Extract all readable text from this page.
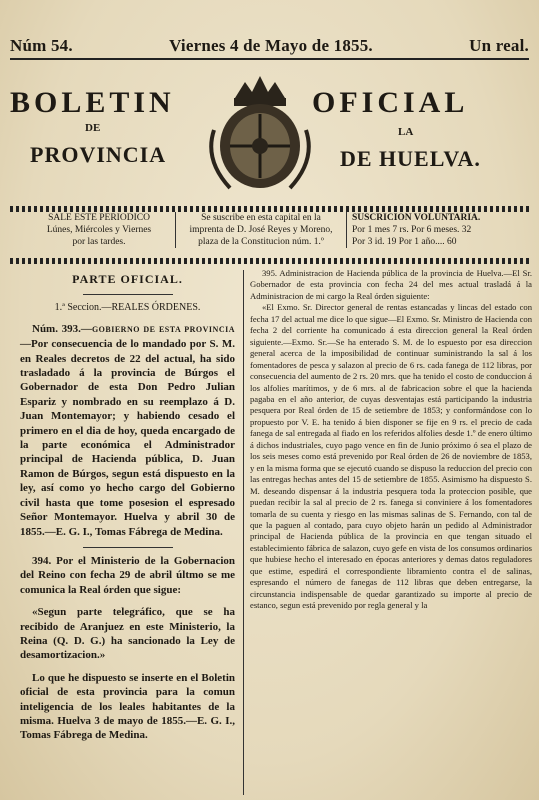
Núm 54.	Viernes 4 de Mayo de 1855.	Un real.
BOLETIN	OFICIAL
DE	LA
PROVINCIA	DE HUELVA.
SALE ESTE PERIODICO
Lúnes, Miércoles y Viernes
por las tardes.
Se suscribe en esta capital en la
imprenta de D. José Reyes y Moreno,
plaza de la Constitucion núm. 1.º
SUSCRICION VOLUNTARIA.
Por 1 mes 7 rs. Por 6 meses. 32
Por 3 id. 19 Por 1 año.... 60
PARTE OFICIAL.
1.ª Seccion.—REALES ÓRDENES.

Núm. 393.—GOBIERNO DE ESTA PROVINCIA—Por consecuencia de lo mandado por S. M. en Reales decretos de 22 del actual, ha sido trasladado á la provincia de Búrgos el Gobernador de esta Don Pedro Julian Espariz y nombrado en su reemplazo á D. Juan Montemayor; y habiendo cesado el primero en el dia de hoy, queda encargado de la parte económica el Administrador principal de Hacienda pública, D. Juan Ramon de Búrgos, segun está dispuesto en la ley, así como yo hecho cargo del Gobierno civil hasta que tome posesion el espresado Señor Montemayor. Huelva y abril 30 de 1855.—E. G. I., Tomas Fábrega de Medina.

394. Por el Ministerio de la Gobernacion del Reino con fecha 29 de abril últmo se me comunica la Real órden que sigue:

«Segun parte telegráfico, que se ha recibido de Aranjuez en este Ministerio, la Reina (Q. D. G.) ha sancionado la Ley de desamortizacion.»

Lo que he dispuesto se inserte en el Boletin oficial de esta provincia para la comun inteligencia de los leales habitantes de la misma. Huelva 3 de mayo de 1855.—E. G. I., Tomas Fábrega de Medina.

395. Administracion de Hacienda pública de la provincia de Huelva.—El Sr. Gobernador de esta provincia con fecha 24 del mes actual trasladá á la Administracion de mi cargo la Real órden siguiente:

«El Exmo. Sr. Director general de rentas estancadas y lincas del estado con fecha 17 del actual me dice lo que sigue—El Exmo. Sr. Ministro de Hacienda con fecha 2 del corriente ha comunicado á esta direccion general la Real órden siguiente.—Exmo. Sr.—Se ha enterado S. M. de lo espuesto por esa direccion general acerca de la imposibilidad de continuar suministrando la sal á los fomentadores de pesca y salazon al precio de 6 rs. cada fanega de 112 libras, por consecuencia del aumento de 2 rs. 20 mrs. que ha tenido el costo de conduccion á los alfolies marítimos, y de 6 mrs. al de fabricacion sobre el que la hacienda pagaba en el año anterior, de cuyas desventajas está participando la industria pesquera por Real órden de 15 de setiembre de 1853; y conformándose con lo propuesto por V. E. ha tenido á bien disponer se fije en 9 rs. el precio de cada fanega de sal entregada al fiado en los referidos alfolies desde 1.º de enero último á dichos industriales, cuyo pago vence en fin de Junio próximo ó sea el plazo de los seis meses como está prevenido por Real órden de 26 de noviembre de 1853, y en la misma forma que se ejecutó cuando se dispuso la reduccion del precio con las entregas hechas antes del 15 de setiembre de 1855. Asimismo ha dispuesto S. M. deseando dispensar á la industria pesquera toda la proteccion posible, que puedan recibir la sal al precio de 2 rs. fanega si conviniere á los fomentadores tomarla de su cuenta y riesgo en las mismas salinas de S. Fernando, con tal de que la paguen al contado, para cuyo objeto harán un pedido al Administrador principal de Hacienda pública de la provincia en que tengan situado el establecimiento fábrica de salazon, cuyo gefe en vista de los consumos ordinarios que hubiese hecho el interesado en épocas anteriores y demas datos reguladores que estime, espedirá el correspondiente libramiento contra el de salinas, espresando el número de fanegas de 112 libras que deben entregarse, la circunstancia indispensable de quedar garantizado su importe al precio de estanco, segun está prevenido por regla general y la
